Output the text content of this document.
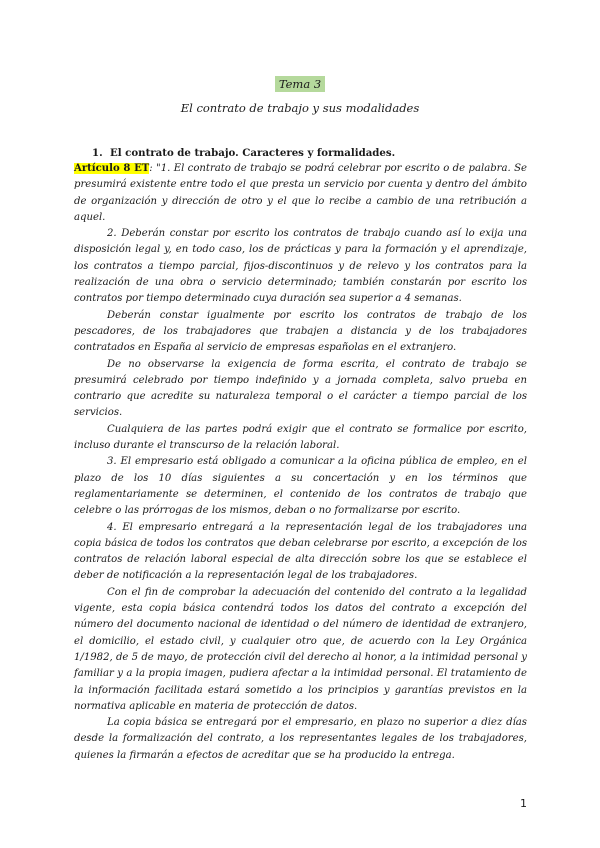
Tema 3
El contrato de trabajo y sus modalidades
1. El contrato de trabajo. Caracteres y formalidades.

Artículo 8 ET: "1. El contrato de trabajo se podrá celebrar por escrito o de palabra. Se presumirá existente entre todo el que presta un servicio por cuenta y dentro del ámbito de organización y dirección de otro y el que lo recibe a cambio de una retribución a aquel.

2. Deberán constar por escrito los contratos de trabajo cuando así lo exija una disposición legal y, en todo caso, los de prácticas y para la formación y el aprendizaje, los contratos a tiempo parcial, fijos-discontinuos y de relevo y los contratos para la realización de una obra o servicio determinado; también constarán por escrito los contratos por tiempo determinado cuya duración sea superior a 4 semanas.

Deberán constar igualmente por escrito los contratos de trabajo de los pescadores, de los trabajadores que trabajen a distancia y de los trabajadores contratados en España al servicio de empresas españolas en el extranjero.

De no observarse la exigencia de forma escrita, el contrato de trabajo se presumirá celebrado por tiempo indefinido y a jornada completa, salvo prueba en contrario que acredite su naturaleza temporal o el carácter a tiempo parcial de los servicios.

Cualquiera de las partes podrá exigir que el contrato se formalice por escrito, incluso durante el transcurso de la relación laboral.

3. El empresario está obligado a comunicar a la oficina pública de empleo, en el plazo de los 10 días siguientes a su concertación y en los términos que reglamentariamente se determinen, el contenido de los contratos de trabajo que celebre o las prórrogas de los mismos, deban o no formalizarse por escrito.

4. El empresario entregará a la representación legal de los trabajadores una copia básica de todos los contratos que deban celebrarse por escrito, a excepción de los contratos de relación laboral especial de alta dirección sobre los que se establece el deber de notificación a la representación legal de los trabajadores.

Con el fin de comprobar la adecuación del contenido del contrato a la legalidad vigente, esta copia básica contendrá todos los datos del contrato a excepción del número del documento nacional de identidad o del número de identidad de extranjero, el domicilio, el estado civil, y cualquier otro que, de acuerdo con la Ley Orgánica 1/1982, de 5 de mayo, de protección civil del derecho al honor, a la intimidad personal y familiar y a la propia imagen, pudiera afectar a la intimidad personal. El tratamiento de la información facilitada estará sometido a los principios y garantías previstos en la normativa aplicable en materia de protección de datos.

La copia básica se entregará por el empresario, en plazo no superior a diez días desde la formalización del contrato, a los representantes legales de los trabajadores, quienes la firmarán a efectos de acreditar que se ha producido la entrega.

1
